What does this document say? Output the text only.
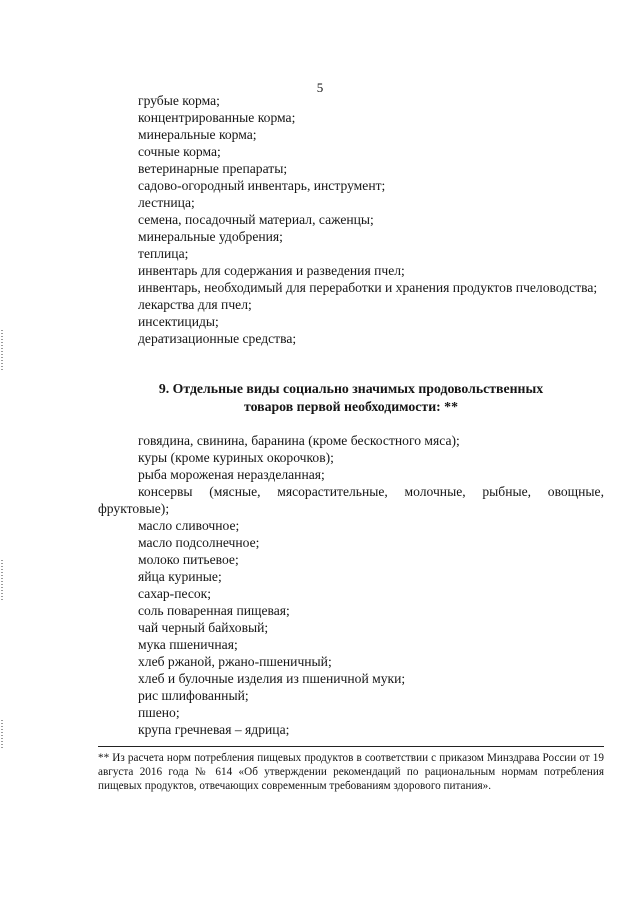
5
грубые корма;
концентрированные корма;
минеральные корма;
сочные корма;
ветеринарные препараты;
садово-огородный инвентарь, инструмент;
лестница;
семена, посадочный материал, саженцы;
минеральные удобрения;
теплица;
инвентарь для содержания и разведения пчел;
инвентарь, необходимый для переработки и хранения продуктов пчеловодства;
лекарства для пчел;
инсектициды;
дератизационные средства;
9. Отдельные виды социально значимых продовольственных
товаров первой необходимости: **
говядина, свинина, баранина (кроме бескостного мяса);
куры (кроме куриных окорочков);
рыба мороженая неразделанная;
консервы (мясные, мясорастительные, молочные, рыбные, овощные, фруктовые);
масло сливочное;
масло подсолнечное;
молоко питьевое;
яйца куриные;
сахар-песок;
соль поваренная пищевая;
чай черный байховый;
мука пшеничная;
хлеб ржаной, ржано-пшеничный;
хлеб и булочные изделия из пшеничной муки;
рис шлифованный;
пшено;
крупа гречневая – ядрица;
** Из расчета норм потребления пищевых продуктов в соответствии с приказом Минздрава России от 19 августа 2016 года № 614 «Об утверждении рекомендаций по рациональным нормам потребления пищевых продуктов, отвечающих современным требованиям здорового питания».
